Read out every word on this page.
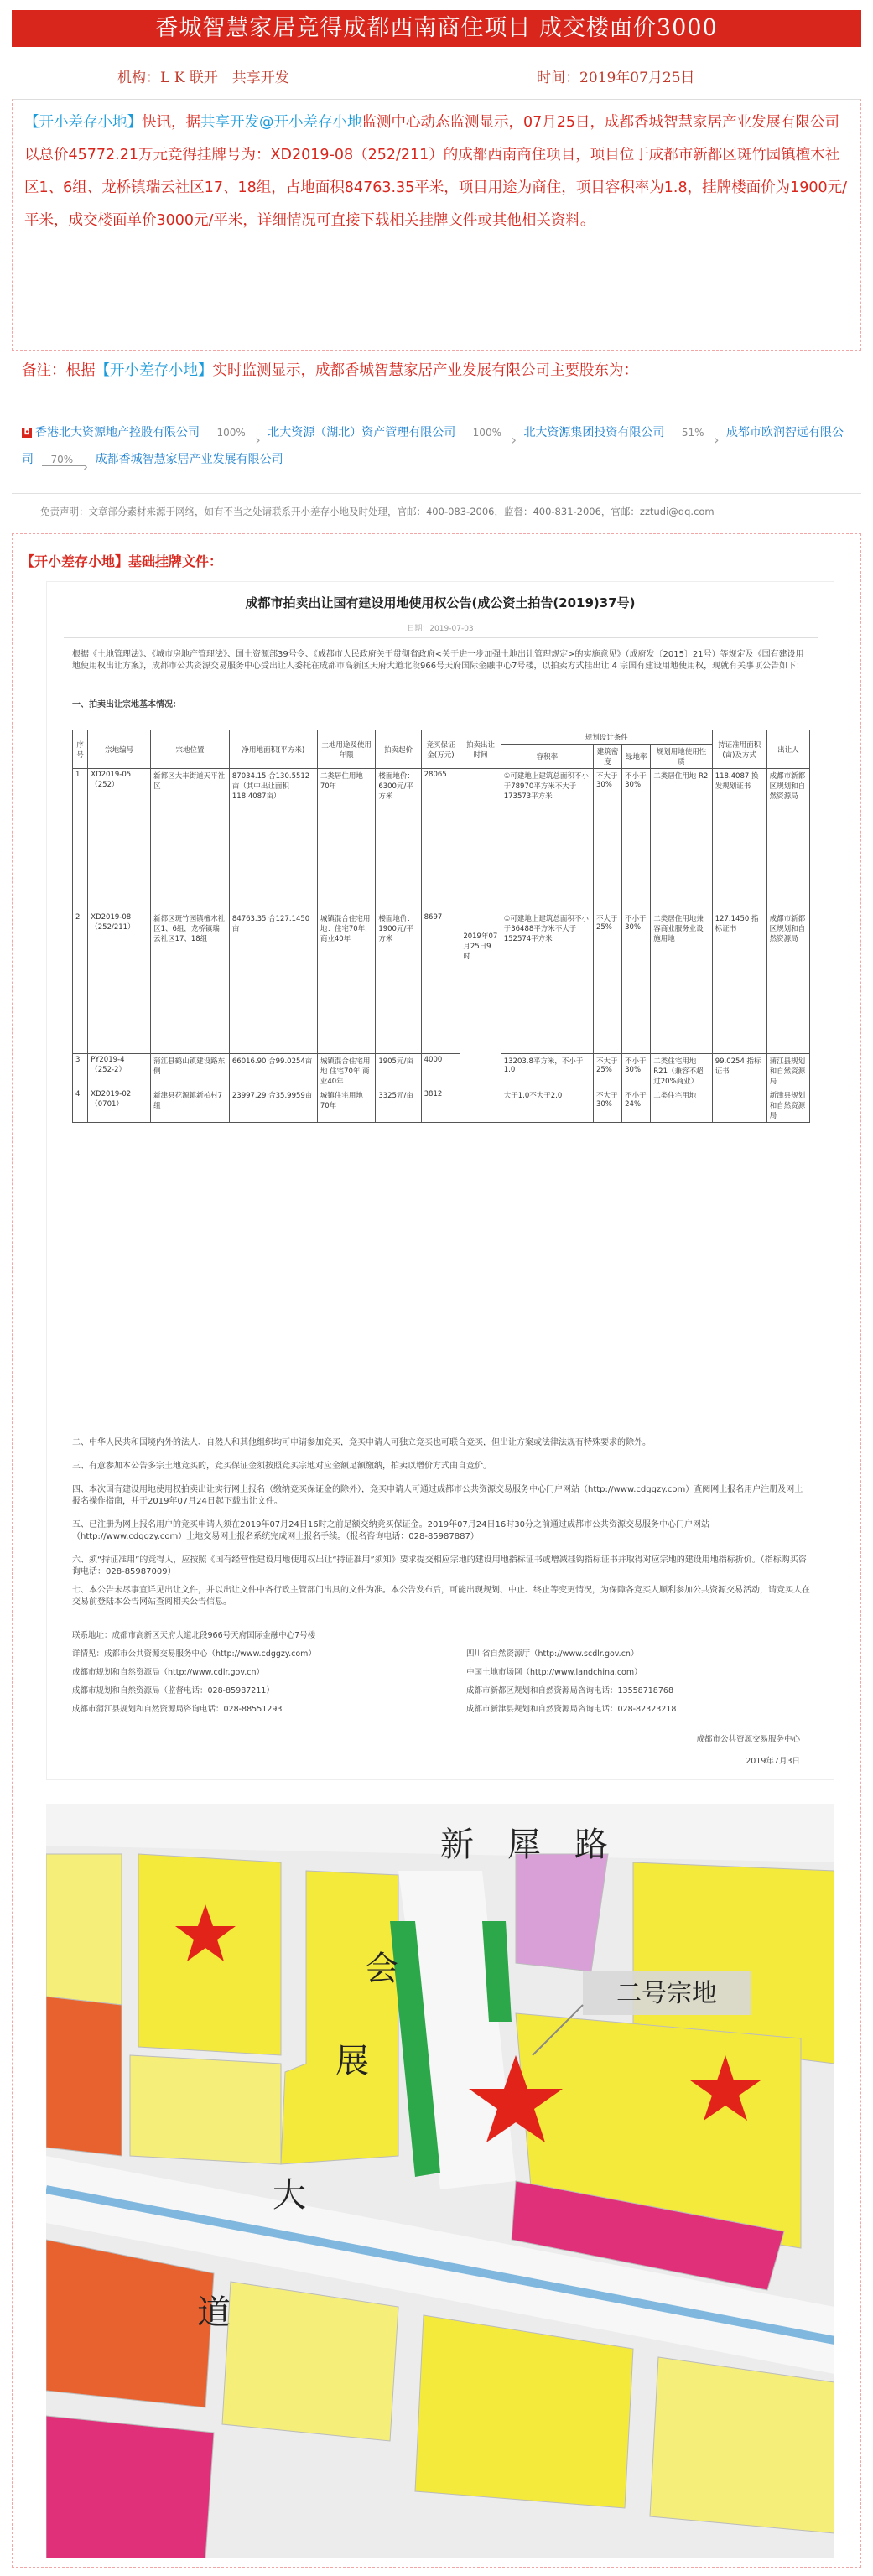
香城智慧家居竞得成都西南商住项目 成交楼面价3000
机构：L K 联开　共享开发	时间：2019年07月25日

【开小差存小地】快讯，据共享开发@开小差存小地监测中心动态监测显示，07月25日，成都香城智慧家居产业发展有限公司以总价45772.21万元竞得挂牌号为：XD2019-08（252/211）的成都西南商住项目，项目位于成都市新都区斑竹园镇檀木社区1、6组、龙桥镇瑞云社区17、18组，占地面积84763.35平米，项目用途为商住，项目容积率为1.8，挂牌楼面价为1900元/平米，成交楼面单价3000元/平米，详细情况可直接下载相关挂牌文件或其他相关资料。

备注：根据【开小差存小地】实时监测显示，成都香城智慧家居产业发展有限公司主要股东为：
◘ 香港北大资源地产控股有限公司 100% › 北大资源（湖北）资产管理有限公司 100% › 北大资源集团投资有限公司 51% › 成都市欧润智远有限公司 70% › 成都香城智慧家居产业发展有限公司
免责声明：文章部分素材来源于网络，如有不当之处请联系开小差存小地及时处理，官邮：400-083-2006，监督：400-831-2006，官邮：zztudi@qq.com
【开小差存小地】基础挂牌文件：
成都市拍卖出让国有建设用地使用权公告(成公资土拍告(2019)37号)
日期：2019-07-03

根据《土地管理法》、《城市房地产管理法》、国土资源部39号令、《成都市人民政府关于贯彻省政府<关于进一步加强土地出让管理规定>的实施意见》（成府发〔2015〕21号）等规定及《国有建设用地使用权出让方案》，成都市公共资源交易服务中心受出让人委托在成都市高新区天府大道北段966号天府国际金融中心7号楼，以拍卖方式挂出让 4 宗国有建设用地使用权，现就有关事项公告如下：

一、拍卖出让宗地基本情况：

序号	宗地编号	宗地位置	净用地面积(平方米)	土地用途及使用年限	拍卖起价	竞买保证金(万元)	拍卖出让时间	规划设计条件				持证准用面积(亩)及方式	出让人
								容积率	建筑密度	绿地率	规划用地使用性质		
1	XD2019-05（252）	新都区大丰街道天平社区	87034.15 合130.5512亩（其中出让面积118.4087亩）	二类居住用地 70年	楼面地价：6300元/平方米	28065	2019年07月25日9时	①可建地上建筑总面积不小于78970平方米不大于173573平方米	不大于30%	不小于30%	二类居住用地 R2	118.4087 换发规划证书	成都市新都区规划和自然资源局
2	XD2019-08（252/211）	新都区斑竹园镇檀木社区1、6组，龙桥镇瑞云社区17、18组	84763.35 合127.1450亩	城镇混合住宅用地：住宅70年，商业40年	楼面地价：1900元/平方米	8697		①可建地上建筑总面积不小于36488平方米不大于152574平方米	不大于25%	不小于30%	二类居住用地兼容商业服务业设施用地	127.1450 指标证书	成都市新都区规划和自然资源局
3	PY2019-4（252-2）	蒲江县鹤山镇建设路东侧	66016.90 合99.0254亩	城镇混合住宅用地 住宅70年 商业40年	1905元/亩	4000		13203.8平方米，不小于1.0	不大于25%	不小于30%	二类住宅用地 R21（兼容不超过20%商业）	99.0254 指标证书	蒲江县规划和自然资源局
4	XD2019-02（0701）	新津县花源镇新柏村7组	23997.29 合35.9959亩	城镇住宅用地 70年	3325元/亩	3812		大于1.0不大于2.0	不大于30%	不小于24%	二类住宅用地		新津县规划和自然资源局

二、中华人民共和国境内外的法人、自然人和其他组织均可申请参加竞买，竞买申请人可独立竞买也可联合竞买，但出让方案或法律法规有特殊要求的除外。

三、有意参加本公告多宗土地竞买的，竞买保证金须按照竞买宗地对应金额足额缴纳，拍卖以增价方式由自竞价。

四、本次国有建设用地使用权拍卖出让实行网上报名（缴纳竞买保证金的除外），竞买申请人可通过成都市公共资源交易服务中心门户网站（http://www.cdggzy.com）查阅网上报名用户注册及网上报名操作指南，并于2019年07月24日起下载出让文件。

五、已注册为网上报名用户的竞买申请人须在2019年07月24日16时之前足额交纳竞买保证金。2019年07月24日16时30分之前通过成都市公共资源交易服务中心门户网站（http://www.cdggzy.com）土地交易网上报名系统完成网上报名手续。（报名咨询电话：028-85987887）

六、须“持证准用”的竞得人，应按照《国有经营性建设用地使用权出让“持证准用”须知》要求提交相应宗地的建设用地指标证书或增减挂钩指标证书并取得对应宗地的建设用地指标折价。（指标购买咨询电话：028-85987009）

七、本公告未尽事宜详见出让文件，并以出让文件中各行政主管部门出具的文件为准。本公告发布后，可能出现规划、中止、终止等变更情况，为保障各竞买人顺利参加公共资源交易活动，请竞买人在交易前登陆本公告网站查阅相关公告信息。

联系地址：成都市高新区天府大道北段966号天府国际金融中心7号楼
详情见：成都市公共资源交易服务中心（http://www.cdggzy.com）	四川省自然资源厅（http://www.scdlr.gov.cn）
成都市规划和自然资源局（http://www.cdlr.gov.cn）	中国土地市场网（http://www.landchina.com）
成都市规划和自然资源局（监督电话：028-85987211）	成都市新都区规划和自然资源局咨询电话：13558718768
成都市蒲江县规划和自然资源局咨询电话：028-88551293	成都市新津县规划和自然资源局咨询电话：028-82323218
成都市公共资源交易服务中心
2019年7月3日
二号宗地
新　犀　路
会
展
大
道
